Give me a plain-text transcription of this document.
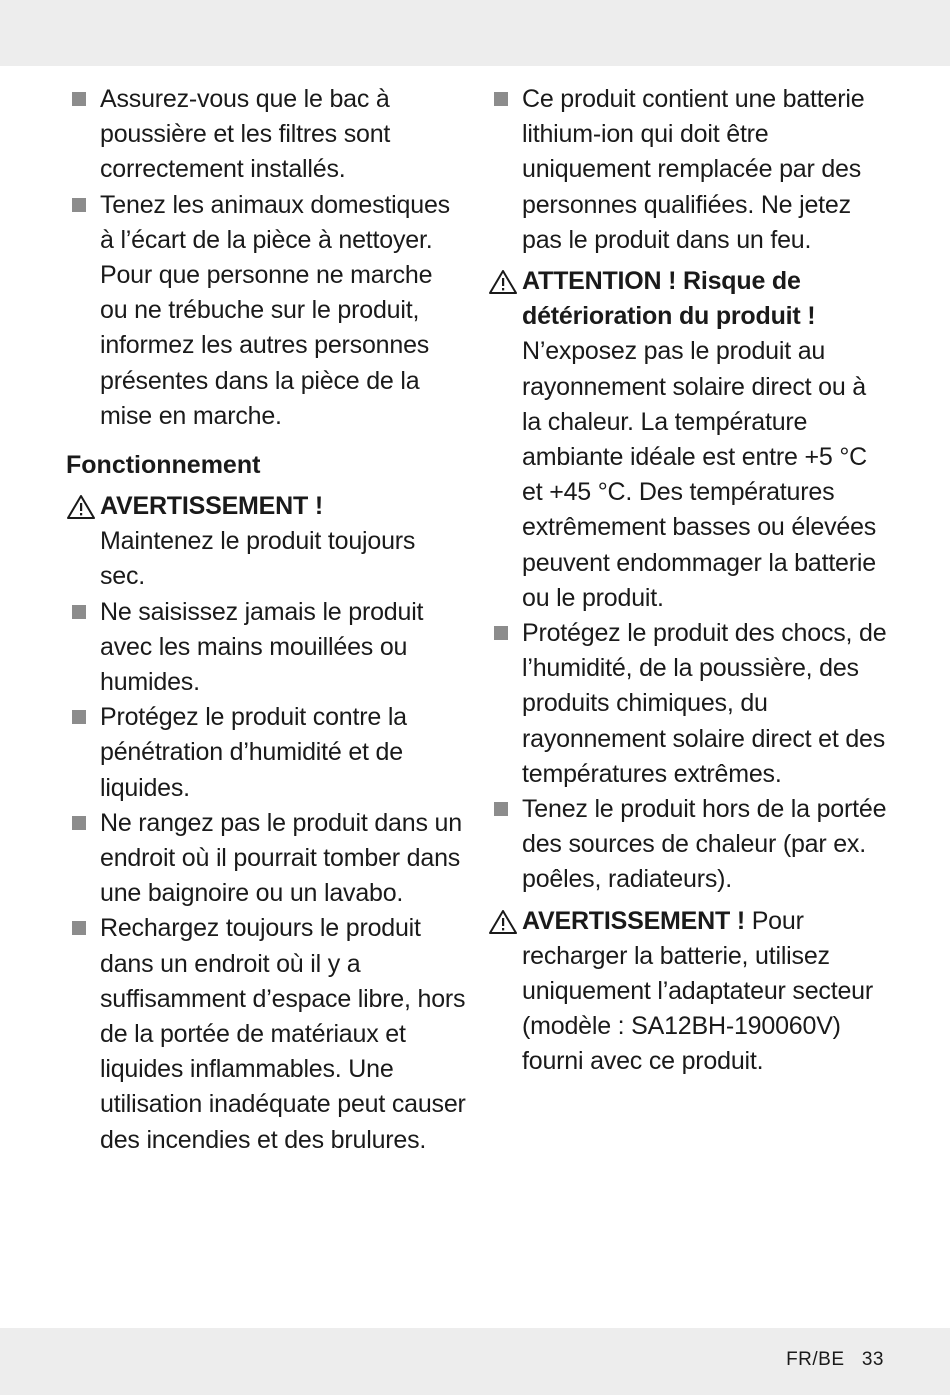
Assurez-vous que le bac à poussière et les filtres sont correctement installés.
Tenez les animaux domestiques à l’écart de la pièce à nettoyer. Pour que personne ne marche ou ne trébuche sur le produit, informez les autres personnes présentes dans la pièce de la mise en marche.
Fonctionnement
AVERTISSEMENT !
Maintenez le produit toujours sec.
Ne saisissez jamais le produit avec les mains mouillées ou humides.
Protégez le produit contre la pénétration d’humidité et de liquides.
Ne rangez pas le produit dans un endroit où il pourrait tomber dans une baignoire ou un lavabo.
Rechargez toujours le produit dans un endroit où il y a suffisamment d’espace libre, hors de la portée de matériaux et liquides inflammables. Une utilisation inadéquate peut causer des incendies et des brulures.
Ce produit contient une batterie lithium-ion qui doit être uniquement remplacée par des personnes qualifiées. Ne jetez pas le produit dans un feu.
ATTENTION ! Risque de détérioration du produit ! N’exposez pas le produit au rayonnement solaire direct ou à la chaleur. La température ambiante idéale est entre +5 °C et +45 °C. Des températures extrêmement basses ou élevées peuvent endommager la batterie ou le produit.
Protégez le produit des chocs, de l’humidité, de la poussière, des produits chimiques, du rayonnement solaire direct et des températures extrêmes.
Tenez le produit hors de la portée des sources de chaleur (par ex. poêles, radiateurs).
AVERTISSEMENT ! Pour recharger la batterie, utilisez uniquement l’adaptateur secteur (modèle : SA12BH-190060V) fourni avec ce produit.
FR/BE 33
